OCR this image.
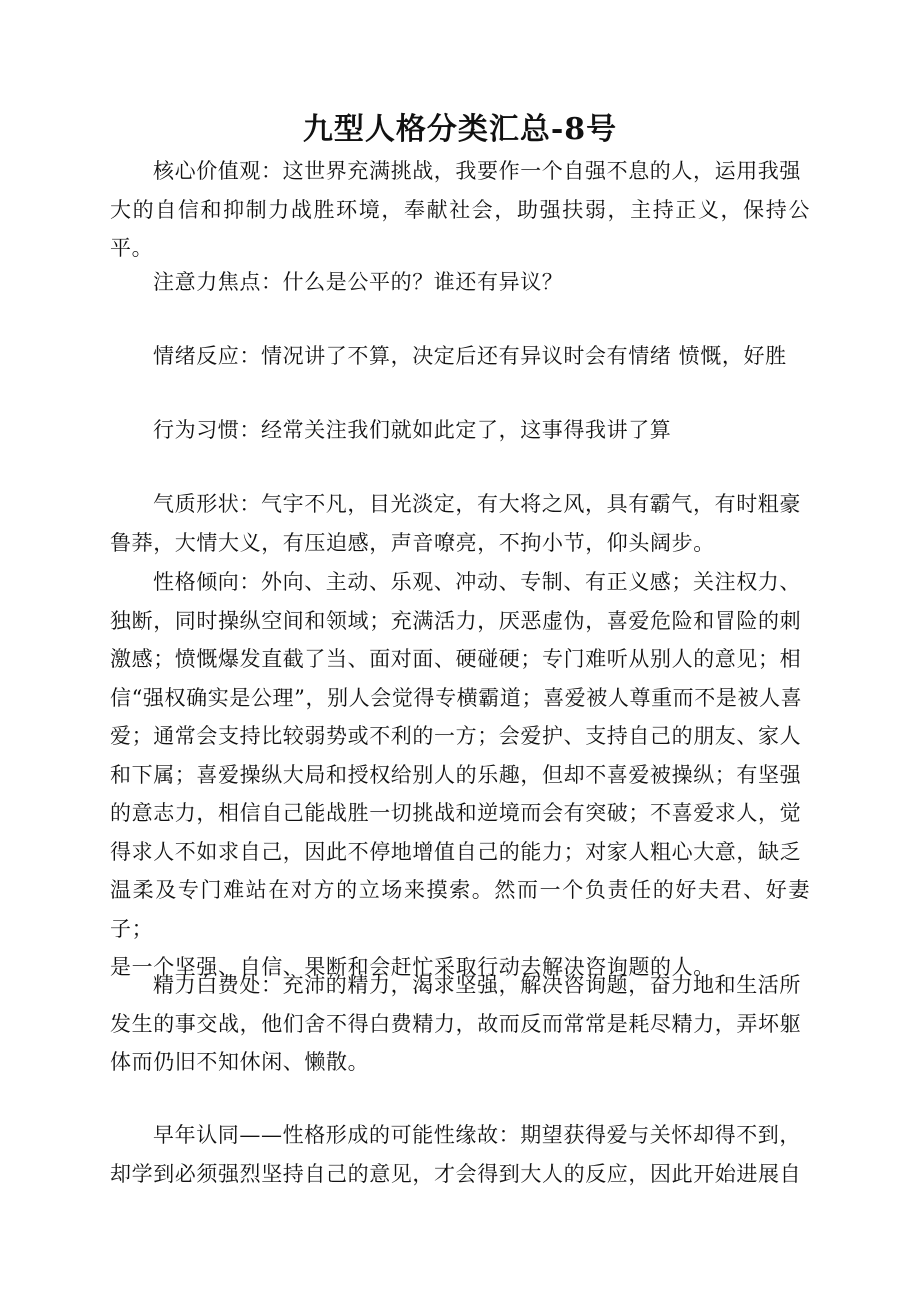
九型人格分类汇总-8号
核心价值观：这世界充满挑战，我要作一个自强不息的人，运用我强
大的自信和抑制力战胜环境，奉献社会，助强扶弱，主持正义，保持公平。
注意力焦点：什么是公平的？谁还有异议？
情绪反应：情况讲了不算，决定后还有异议时会有情绪 愤慨，好胜
行为习惯：经常关注我们就如此定了，这事得我讲了算
气质形状：气宇不凡，目光淡定，有大将之风，具有霸气，有时粗豪
鲁莽，大情大义，有压迫感，声音嘹亮，不拘小节，仰头阔步。
性格倾向：外向、主动、乐观、冲动、专制、有正义感；关注权力、
独断，同时操纵空间和领域；充满活力，厌恶虚伪，喜爱危险和冒险的刺
激感；愤慨爆发直截了当、面对面、硬碰硬；专门难听从别人的意见；相
信“强权确实是公理”，别人会觉得专横霸道；喜爱被人尊重而不是被人喜
爱；通常会支持比较弱势或不利的一方；会爱护、支持自己的朋友、家人
和下属；喜爱操纵大局和授权给别人的乐趣，但却不喜爱被操纵；有坚强
的意志力，相信自己能战胜一切挑战和逆境而会有突破；不喜爱求人，觉
得求人不如求自己，因此不停地增值自己的能力；对家人粗心大意，缺乏
温柔及专门难站在对方的立场来摸索。然而一个负责任的好夫君、好妻子；
是一个坚强、自信、果断和会赶忙采取行动去解决咨询题的人。
精力白费处：充沛的精力，渴求坚强，解决咨询题，奋力地和生活所
发生的事交战，他们舍不得白费精力，故而反而常常是耗尽精力，弄坏躯
体而仍旧不知休闲、懒散。
早年认同——性格形成的可能性缘故：期望获得爱与关怀却得不到，
却学到必须强烈坚持自己的意见，才会得到大人的反应，因此开始进展自
